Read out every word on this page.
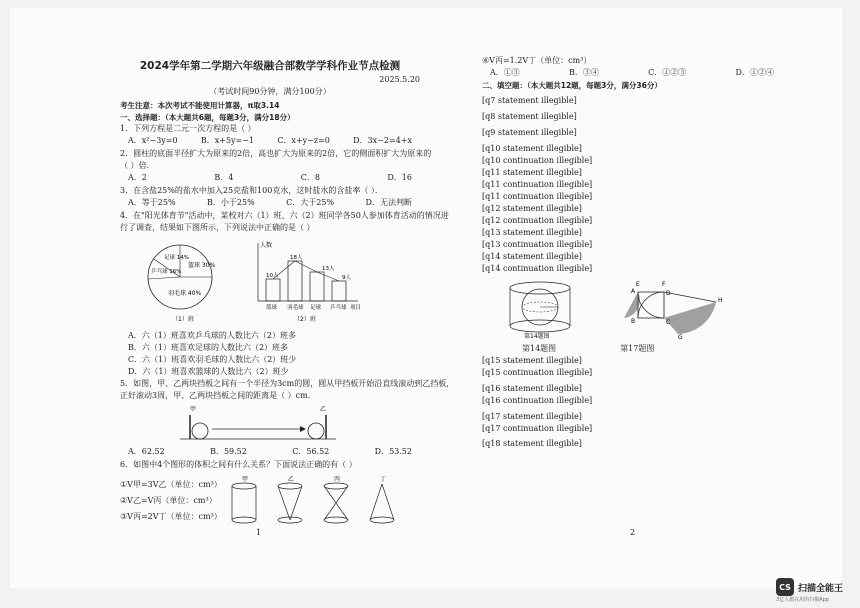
2024学年第二学期六年级融合部数学学科作业节点检测
2025.5.20
（考试时间90分钟，满分100分）
考生注意：本次考试不能使用计算器，π取3.14
一、选择题：（本大题共6题，每题3分，满分18分）
1．下列方程是二元一次方程的是（ ）
A．x²−3y=0	B．x+5y=−1	C．x+y−z=0	D．3x−2=4+x
2．圆柱的底面半径扩大为原来的2倍，高也扩大为原来的2倍，它的侧面积扩大为原来的
（ ）倍．
A．2	B．4	C．8	D．16
3．在含盐25%的盐水中加入25克盐和100克水，这时盐水的含盐率（ ）．
A．等于25%	B．小于25%	C．大于25%	D．无法判断
4．在"阳光体育节"活动中，某校对六（1）班、六（2）班同学各50人参加体育活动的情况进
行了调查，结果如下图所示，下列说法中正确的是（ ）
足球 14%
篮球 30%
乒乓球 16%
羽毛球 40%
（1）班
人数
10人
18人
13人
9人
篮球 羽毛球 足球 乒乓球 项目
（2）班
A．六（1）班喜欢乒乓球的人数比六（2）班多
B．六（1）班喜欢足球的人数比六（2）班多
C．六（1）班喜欢羽毛球的人数比六（2）班少
D．六（1）班喜欢篮球的人数比六（2）班少
5．如图，甲、乙两块挡板之间有一个半径为3cm的圆，圆从甲挡板开始沿直线滚动到乙挡板，
正好滚动3周，甲、乙两块挡板之间的距离是（ ）cm．
甲	乙
A．62.52	B．59.52	C．56.52	D．53.52
6．如图中4个图形的体积之间有什么关系？下面说法正确的有（ ）
①V甲=3V乙（单位：cm³）
②V乙=V丙（单位：cm³）
③V丙=2V丁（单位：cm³）
甲	乙	丙	丁
1
④V丙=1.2V丁（单位：cm³）
A．①③	B．③④	C．①②③	D．①②④
二、填空题：（本大题共12题，每题3分，满分36分）
[q7 statement illegible]
[q8 statement illegible]
[q9 statement illegible]
[q10 statement illegible]
[q10 continuation illegible]
[q11 statement illegible]
[q11 continuation illegible]
[q11 continuation illegible]
[q12 statement illegible]
[q12 continuation illegible]
[q13 statement illegible]
[q13 continuation illegible]
[q14 statement illegible]
[q14 continuation illegible]
第14题图
E	F
A	D
B	C
H
G
第14题图	第17题图
[q15 statement illegible]
[q15 continuation illegible]
[q16 statement illegible]
[q16 continuation illegible]
[q17 statement illegible]
[q17 continuation illegible]
[q18 statement illegible]
2
CS 扫描全能王
3亿人都在用的扫描App
